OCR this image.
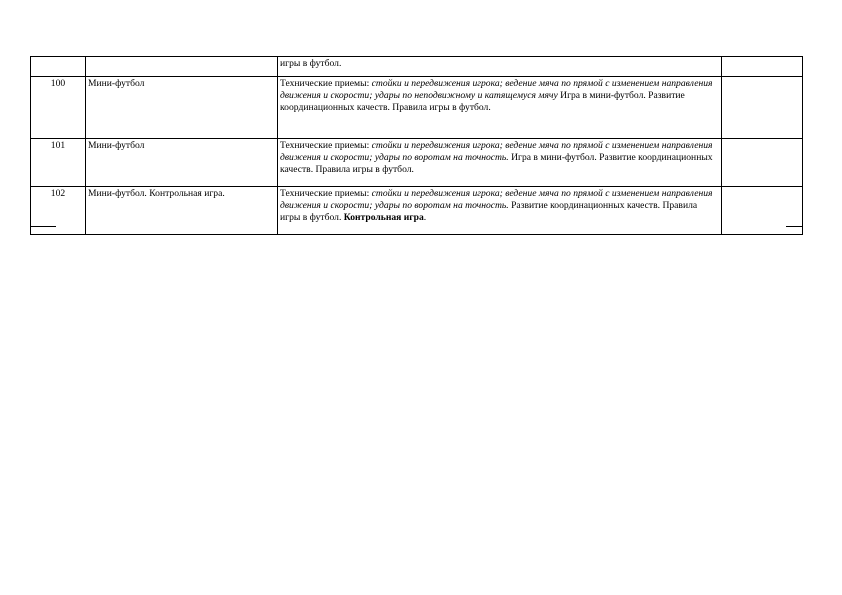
		игры в футбол.	
100	Мини-футбол	Технические приемы: стойки и передвижения игрока; ведение мяча по прямой с изменением направления движения и скорости; удары по неподвижному и катящемуся мячу Игра в мини-футбол. Развитие координационных качеств. Правила игры в футбол.	
101	Мини-футбол	Технические приемы: стойки и передвижения игрока; ведение мяча по прямой с изменением направления движения и скорости; удары по воротам на точность. Игра в мини-футбол. Развитие координационных качеств. Правила игры в футбол.	
102	Мини-футбол. Контрольная игра.	Технические приемы: стойки и передвижения игрока; ведение мяча по прямой с изменением направления движения и скорости; удары по воротам на точность. Развитие координационных качеств. Правила игры в футбол. Контрольная игра.	
